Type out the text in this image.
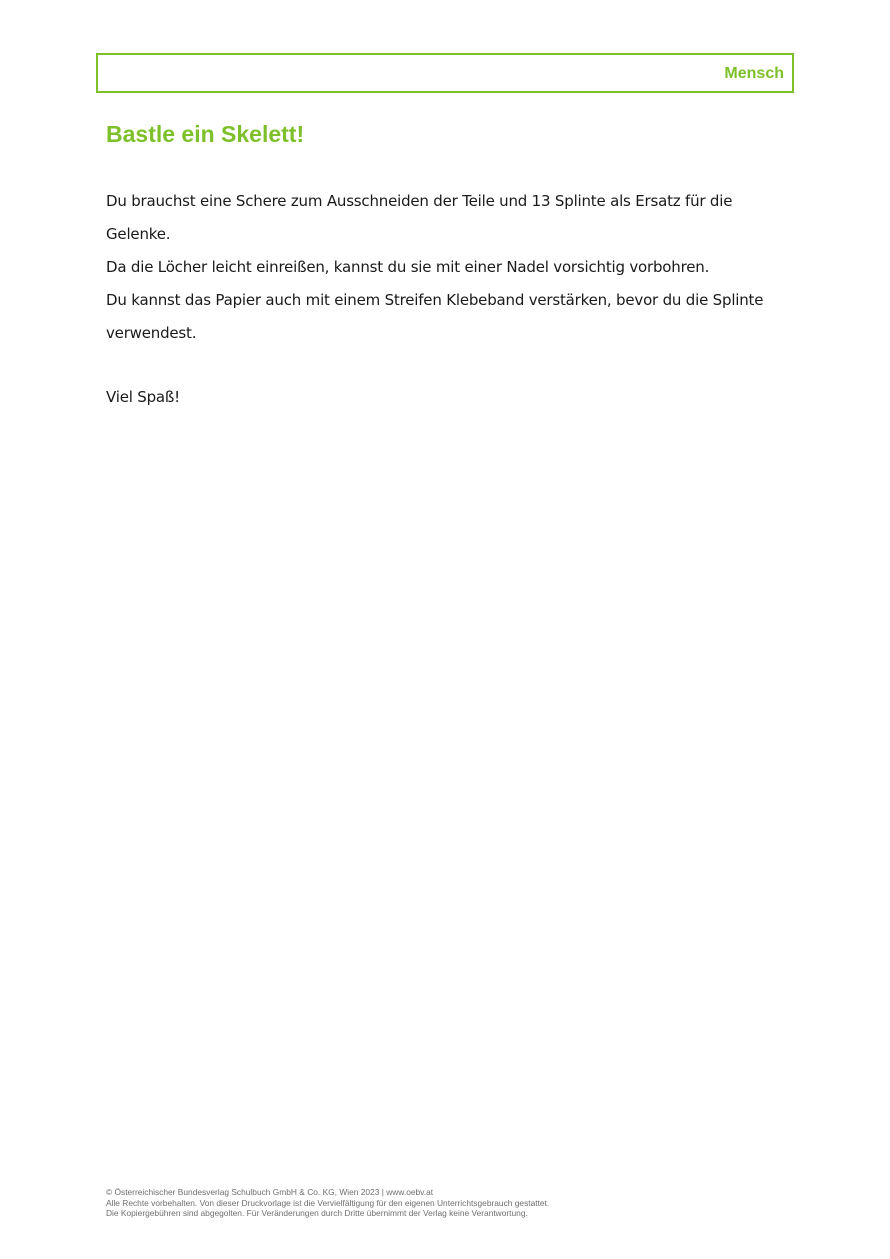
Mensch
Bastle ein Skelett!

Du brauchst eine Schere zum Ausschneiden der Teile und 13 Splinte als Ersatz für die Gelenke.

Da die Löcher leicht einreißen, kannst du sie mit einer Nadel vorsichtig vorbohren.

Du kannst das Papier auch mit einem Streifen Klebeband verstärken, bevor du die Splinte verwendest.

Viel Spaß!

© Österreichischer Bundesverlag Schulbuch GmbH & Co. KG, Wien 2023 | www.oebv.at
Alle Rechte vorbehalten. Von dieser Druckvorlage ist die Vervielfältigung für den eigenen Unterrichtsgebrauch gestattet.
Die Kopiergebühren sind abgegolten. Für Veränderungen durch Dritte übernimmt der Verlag keine Verantwortung.
